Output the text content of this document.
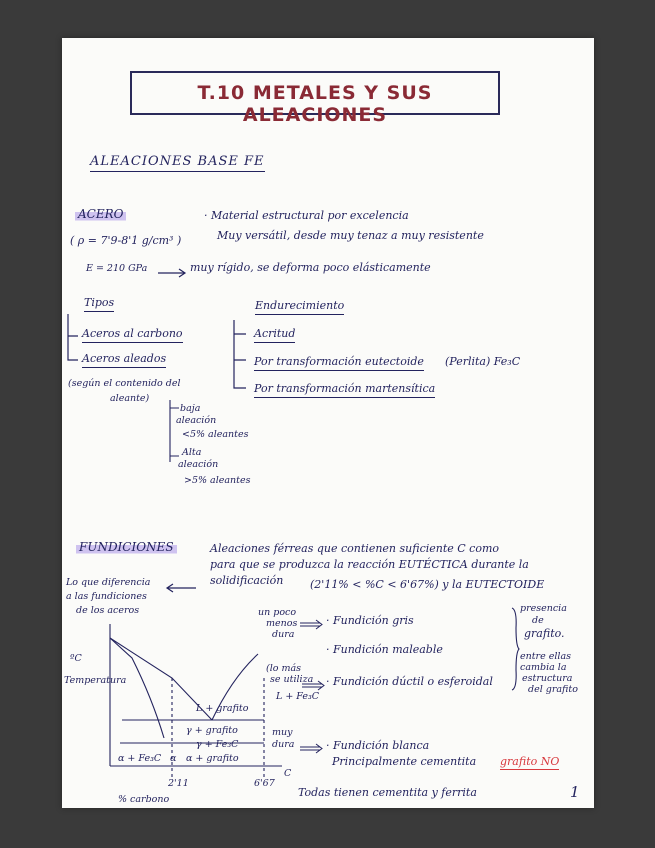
T.10 METALES Y SUS ALEACIONES
ALEACIONES BASE FE
ACERO	· Material estructural por excelencia
( ρ = 7'9-8'1 g/cm³ )	Muy versátil, desde muy tenaz a muy resistente
E = 210 GPa	muy rígido, se deforma poco elásticamente
Tipos
Aceros al carbono
Aceros aleados
(según el contenido del
aleante)
baja
aleación
<5% aleantes
Alta
aleación
>5% aleantes
Endurecimiento
Acritud
Por transformación eutectoide (Perlita) Fe₃C
Por transformación martensítica
FUNDICIONES	Aleaciones férreas que contienen suficiente C como
para que se produzca la reacción EUTÉCTICA durante la
solidificación (2'11% < %C < 6'67%) y la EUTECTOIDE
Lo que diferencia
a las fundiciones
de los aceros
ºC
Temperatura
L + grafito
γ + grafito
γ + Fe₃C
α + Fe₃C α α + grafito
2'11	6'67
C
% carbono
L + Fe₃C
un poco
menos
dura
· Fundición gris
· Fundición maleable
(lo más
se utiliza · Fundición dúctil o esferoidal
presencia
de
grafito.
entre ellas
cambia la
estructura
del grafito
muy
dura	· Fundición blanca
Principalmente cementita grafito NO
Todas tienen cementita y ferrita	1
